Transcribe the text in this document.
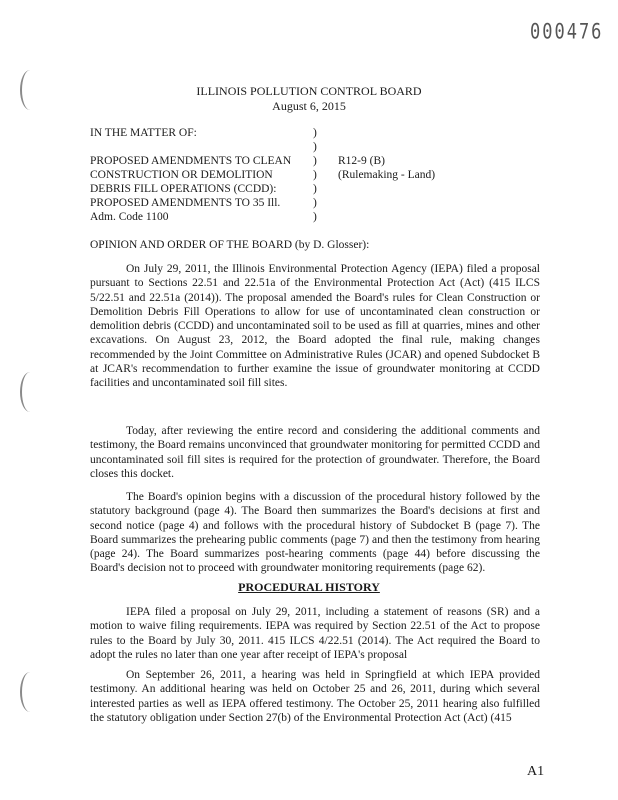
000476
ILLINOIS POLLUTION CONTROL BOARD
August 6, 2015
IN THE MATTER OF:

PROPOSED AMENDMENTS TO CLEAN
CONSTRUCTION OR DEMOLITION
DEBRIS FILL OPERATIONS (CCDD):
PROPOSED AMENDMENTS TO 35 Ill.
Adm. Code 1100
)
)
)
)
)
)
)
R12-9 (B)
(Rulemaking - Land)
OPINION AND ORDER OF THE BOARD (by D. Glosser):
On July 29, 2011, the Illinois Environmental Protection Agency (IEPA) filed a proposal pursuant to Sections 22.51 and 22.51a of the Environmental Protection Act (Act) (415 ILCS 5/22.51 and 22.51a (2014)). The proposal amended the Board's rules for Clean Construction or Demolition Debris Fill Operations to allow for use of uncontaminated clean construction or demolition debris (CCDD) and uncontaminated soil to be used as fill at quarries, mines and other excavations. On August 23, 2012, the Board adopted the final rule, making changes recommended by the Joint Committee on Administrative Rules (JCAR) and opened Subdocket B at JCAR's recommendation to further examine the issue of groundwater monitoring at CCDD facilities and uncontaminated soil fill sites.
Today, after reviewing the entire record and considering the additional comments and testimony, the Board remains unconvinced that groundwater monitoring for permitted CCDD and uncontaminated soil fill sites is required for the protection of groundwater. Therefore, the Board closes this docket.
The Board's opinion begins with a discussion of the procedural history followed by the statutory background (page 4). The Board then summarizes the Board's decisions at first and second notice (page 4) and follows with the procedural history of Subdocket B (page 7). The Board summarizes the prehearing public comments (page 7) and then the testimony from hearing (page 24). The Board summarizes post-hearing comments (page 44) before discussing the Board's decision not to proceed with groundwater monitoring requirements (page 62).
PROCEDURAL HISTORY
IEPA filed a proposal on July 29, 2011, including a statement of reasons (SR) and a motion to waive filing requirements. IEPA was required by Section 22.51 of the Act to propose rules to the Board by July 30, 2011. 415 ILCS 4/22.51 (2014). The Act required the Board to adopt the rules no later than one year after receipt of IEPA's proposal
On September 26, 2011, a hearing was held in Springfield at which IEPA provided testimony. An additional hearing was held on October 25 and 26, 2011, during which several interested parties as well as IEPA offered testimony. The October 25, 2011 hearing also fulfilled the statutory obligation under Section 27(b) of the Environmental Protection Act (Act) (415
A1
